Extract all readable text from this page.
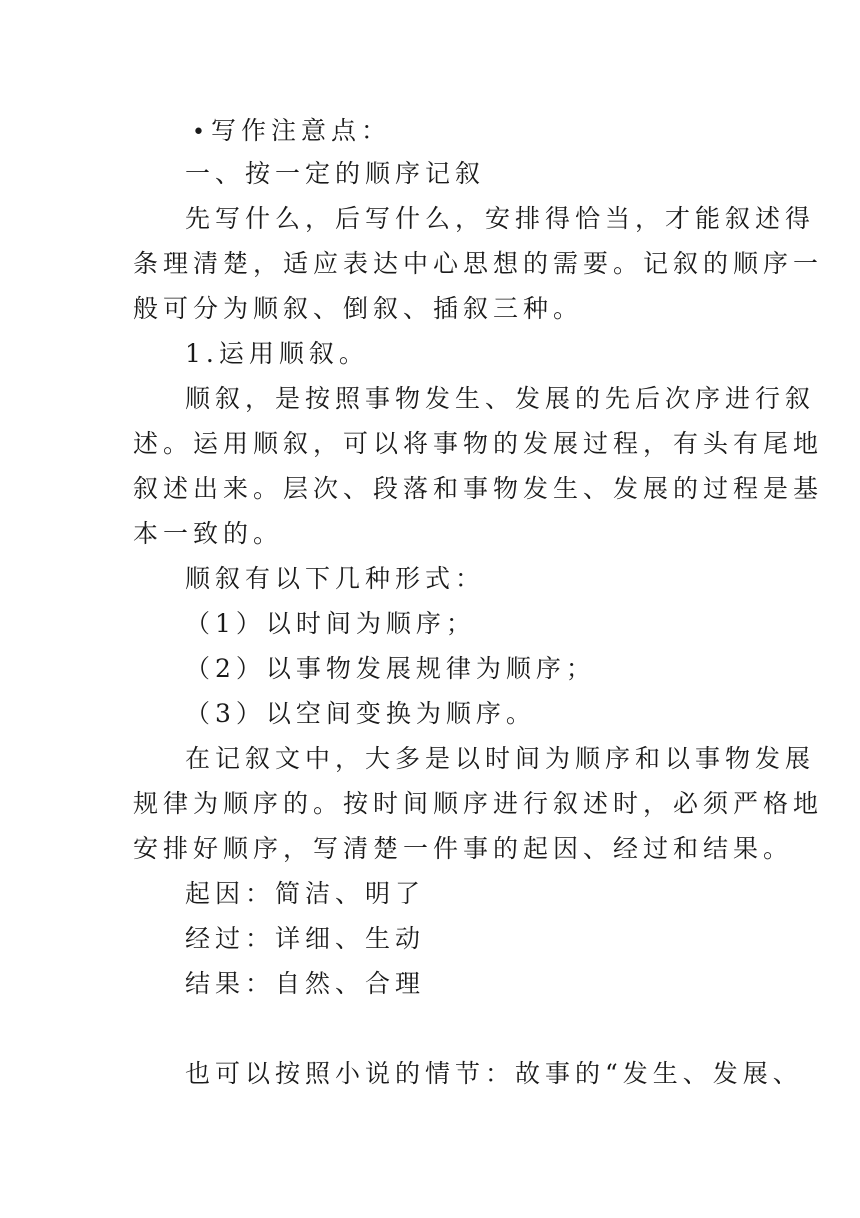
• 写作注意点：
一、按一定的顺序记叙
先写什么，后写什么，安排得恰当，才能叙述得
条理清楚，适应表达中心思想的需要。记叙的顺序一
般可分为顺叙、倒叙、插叙三种。
1.运用顺叙。
顺叙，是按照事物发生、发展的先后次序进行叙
述。运用顺叙，可以将事物的发展过程，有头有尾地
叙述出来。层次、段落和事物发生、发展的过程是基
本一致的。
顺叙有以下几种形式：
（1）以时间为顺序；
（2）以事物发展规律为顺序；
（3）以空间变换为顺序。
在记叙文中，大多是以时间为顺序和以事物发展
规律为顺序的。按时间顺序进行叙述时，必须严格地
安排好顺序，写清楚一件事的起因、经过和结果。
起因：简洁、明了
经过：详细、生动
结果：自然、合理
也可以按照小说的情节：故事的“发生、发展、
